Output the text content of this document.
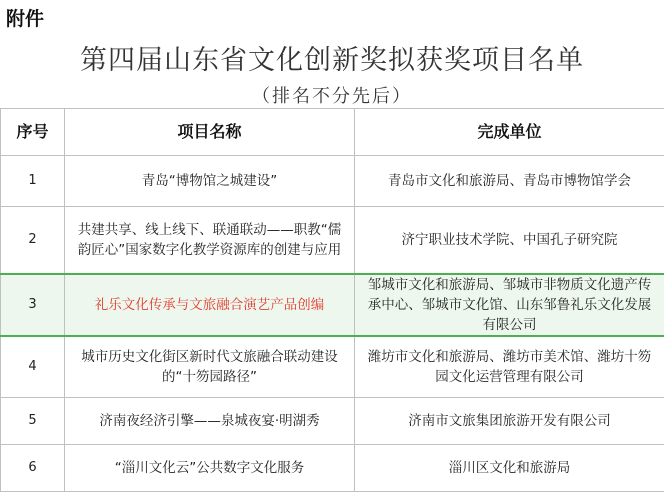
附件
第四届山东省文化创新奖拟获奖项目名单
（排名不分先后）
序号	项目名称	完成单位
1	青岛“博物馆之城建设”	青岛市文化和旅游局、青岛市博物馆学会
2	共建共享、线上线下、联通联动——职教“儒韵匠心”国家数字化教学资源库的创建与应用	济宁职业技术学院、中国孔子研究院
3	礼乐文化传承与文旅融合演艺产品创编	邹城市文化和旅游局、邹城市非物质文化遗产传承中心、邹城市文化馆、山东邹鲁礼乐文化发展有限公司
4	城市历史文化街区新时代文旅融合联动建设的“十笏园路径”	潍坊市文化和旅游局、潍坊市美术馆、潍坊十笏园文化运营管理有限公司
5	济南夜经济引擎——泉城夜宴·明湖秀	济南市文旅集团旅游开发有限公司
6	“淄川文化云”公共数字文化服务	淄川区文化和旅游局
